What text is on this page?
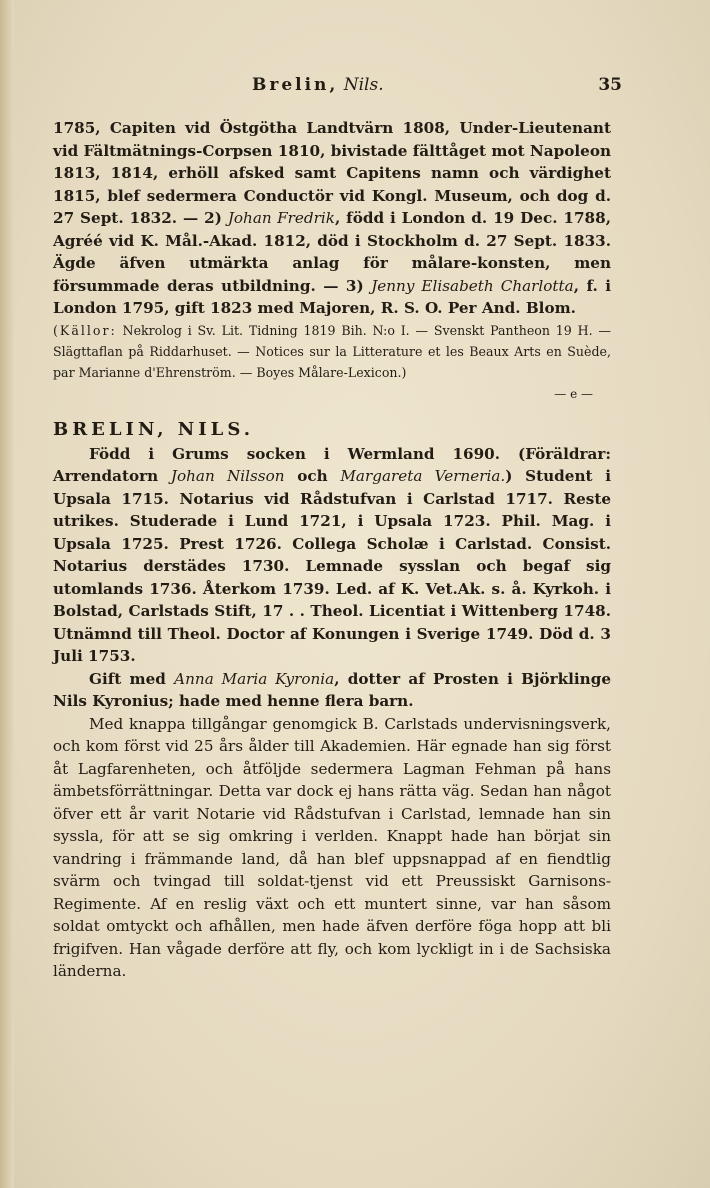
Brelin, Nils.	35

1785, Capiten vid Östgötha Landtvärn 1808, Under-Lieutenant vid Fältmätnings-Corpsen 1810, bivistade fälttåget mot Napoleon 1813, 1814, erhöll afsked samt Capitens namn och värdighet 1815, blef sedermera Conductör vid Kongl. Museum, och dog d. 27 Sept. 1832. — 2) Johan Fredrik, född i London d. 19 Dec. 1788, Agréé vid K. Mål.-Akad. 1812, död i Stockholm d. 27 Sept. 1833. Ägde äfven utmärkta anlag för målare-konsten, men försummade deras utbildning. — 3) Jenny Elisabeth Charlotta, f. i London 1795, gift 1823 med Majoren, R. S. O. Per And. Blom.

(Källor: Nekrolog i Sv. Lit. Tidning 1819 Bih. N:o I. — Svenskt Pantheon 19 H. — Slägttaflan på Riddarhuset. — Notices sur la Litterature et les Beaux Arts en Suède, par Marianne d'Ehrenström. — Boyes Målare-Lexicon.)

— e —
BRELIN, NILS.

Född i Grums socken i Wermland 1690. (Föräldrar: Arrendatorn Johan Nilsson och Margareta Verneria.) Student i Upsala 1715. Notarius vid Rådstufvan i Carlstad 1717. Reste utrikes. Studerade i Lund 1721, i Upsala 1723. Phil. Mag. i Upsala 1725. Prest 1726. Collega Scholæ i Carlstad. Consist. Notarius derstädes 1730. Lemnade sysslan och begaf sig utomlands 1736. Återkom 1739. Led. af K. Vet.Ak. s. å. Kyrkoh. i Bolstad, Carlstads Stift, 17 . . Theol. Licentiat i Wittenberg 1748. Utnämnd till Theol. Doctor af Konungen i Sverige 1749. Död d. 3 Juli 1753.

Gift med Anna Maria Kyronia, dotter af Prosten i Björklinge Nils Kyronius; hade med henne flera barn.

Med knappa tillgångar genomgick B. Carlstads undervisningsverk, och kom först vid 25 års ålder till Akademien. Här egnade han sig först åt Lagfarenheten, och åtföljde sedermera Lagman Fehman på hans ämbetsförrättningar. Detta var dock ej hans rätta väg. Sedan han något öfver ett år varit Notarie vid Rådstufvan i Carlstad, lemnade han sin syssla, för att se sig omkring i verlden. Knappt hade han börjat sin vandring i främmande land, då han blef uppsnappad af en fiendtlig svärm och tvingad till soldat-tjenst vid ett Preussiskt Garnisons-Regimente. Af en reslig växt och ett muntert sinne, var han såsom soldat omtyckt och afhållen, men hade äfven derföre föga hopp att bli frigifven. Han vågade derföre att fly, och kom lyckligt in i de Sachsiska länderna.
